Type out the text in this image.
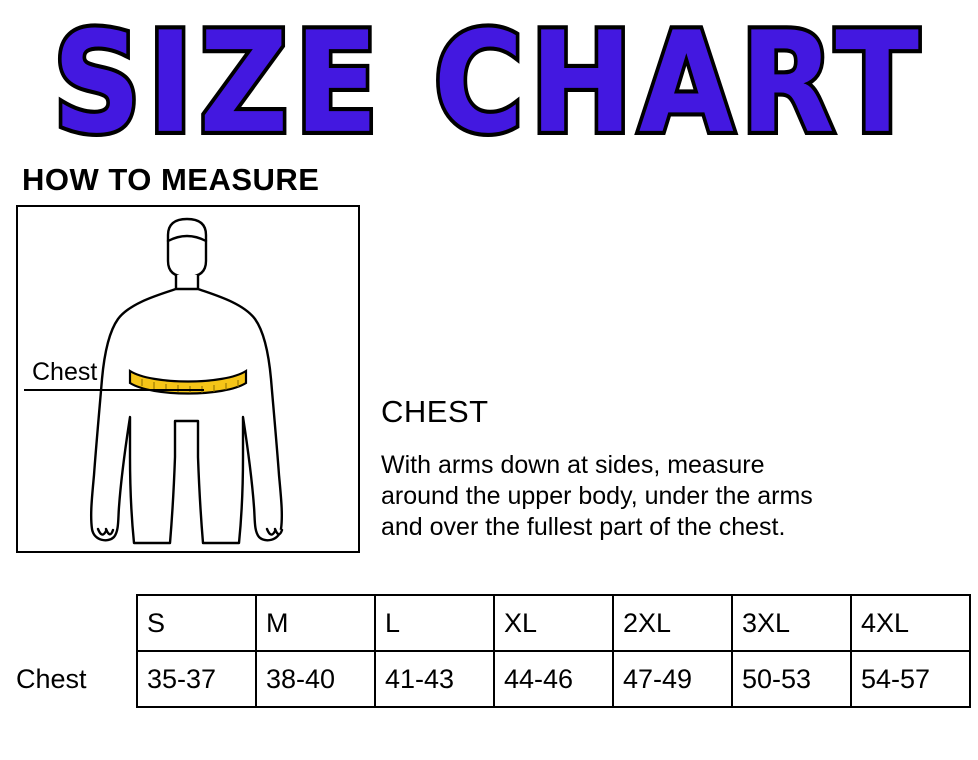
SIZE CHART
HOW TO MEASURE
Chest
CHEST
With arms down at sides, measure
around the upper body, under the arms
and over the fullest part of the chest.
	S	M	L	XL	2XL	3XL	4XL
Chest	35-37	38-40	41-43	44-46	47-49	50-53	54-57
